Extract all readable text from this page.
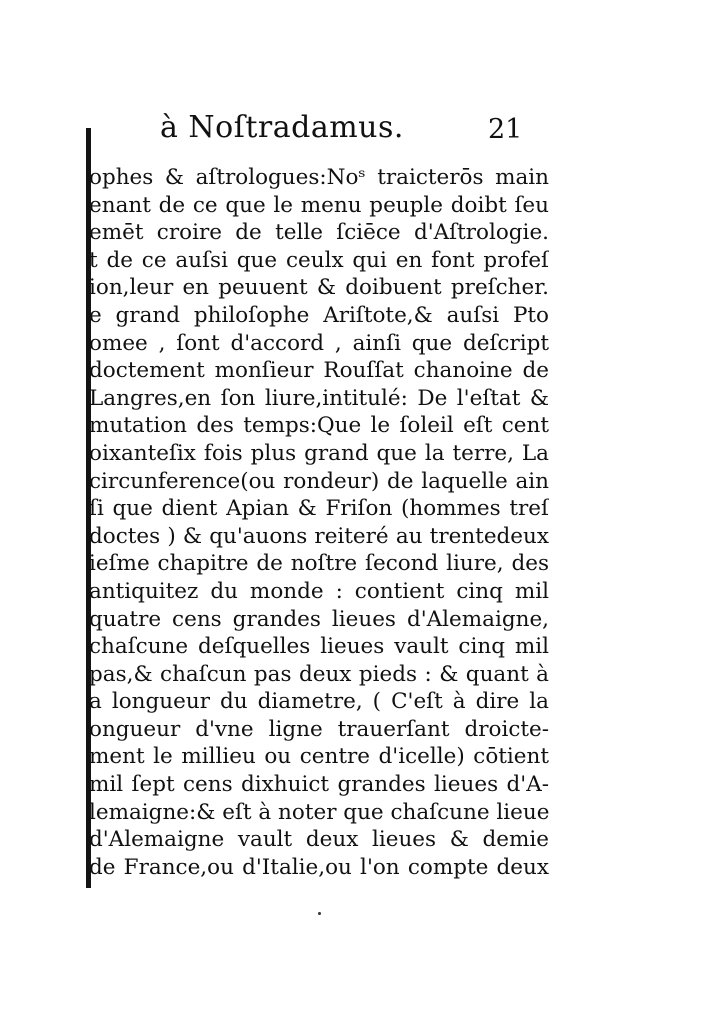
à Noſtradamus.	21
ophes & aſtrologues:Noˢ traicterōs main
enant de ce que le menu peuple doibt ſeu
emēt croire de telle ſciēce d'Aſtrologie.
t de ce auſsi que ceulx qui en font profeſ
ion,leur en peuuent & doibuent preſcher.
e grand philoſophe Ariſtote,& auſsi Pto
omee , ſont d'accord , ainſi que deſcript
doctement monſieur Rouſſat chanoine de
Langres,en ſon liure,intitulé: De l'eſtat &
mutation des temps:Que le ſoleil eſt cent
oixanteſix fois plus grand que la terre, La
circunference(ou rondeur) de laquelle ain
ſi que dient Apian & Friſon (hommes treſ
doctes ) & qu'auons reiteré au trentedeux
ieſme chapitre de noſtre ſecond liure, des
antiquitez du monde : contient cinq mil
quatre cens grandes lieues d'Alemaigne,
chaſcune deſquelles lieues vault cinq mil
pas,& chaſcun pas deux pieds : & quant à
a longueur du diametre, ( C'eſt à dire la
ongueur d'vne ligne trauerſant droicte-
ment le millieu ou centre d'icelle) cōtient
mil ſept cens dixhuict grandes lieues d'A-
lemaigne:& eſt à noter que chaſcune lieue
d'Alemaigne vault deux lieues & demie
de France,ou d'Italie,ou l'on compte deux
